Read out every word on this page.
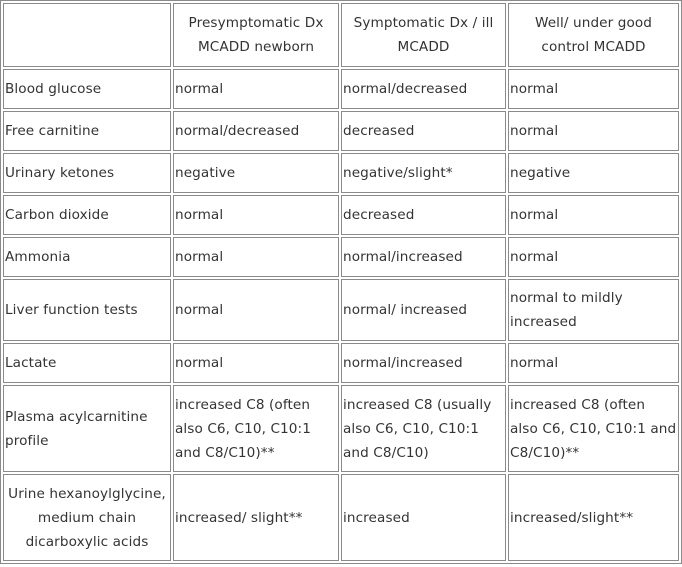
	Presymptomatic Dx MCADD newborn	Symptomatic Dx / ill MCADD	Well/ under good control MCADD
Blood glucose	normal	normal/decreased	normal
Free carnitine	normal/decreased	decreased	normal
Urinary ketones	negative	negative/slight*	negative
Carbon dioxide	normal	decreased	normal
Ammonia	normal	normal/increased	normal
Liver function tests	normal	normal/ increased	normal to mildly increased
Lactate	normal	normal/increased	normal
Plasma acylcarnitine profile	increased C8 (often also C6, C10, C10:1 and C8/C10)**	increased C8 (usually also C6, C10, C10:1 and C8/C10)	increased C8 (often also C6, C10, C10:1 and C8/C10)**
Urine hexanoylglycine, medium chain dicarboxylic acids	increased/ slight**	increased	increased/slight**
